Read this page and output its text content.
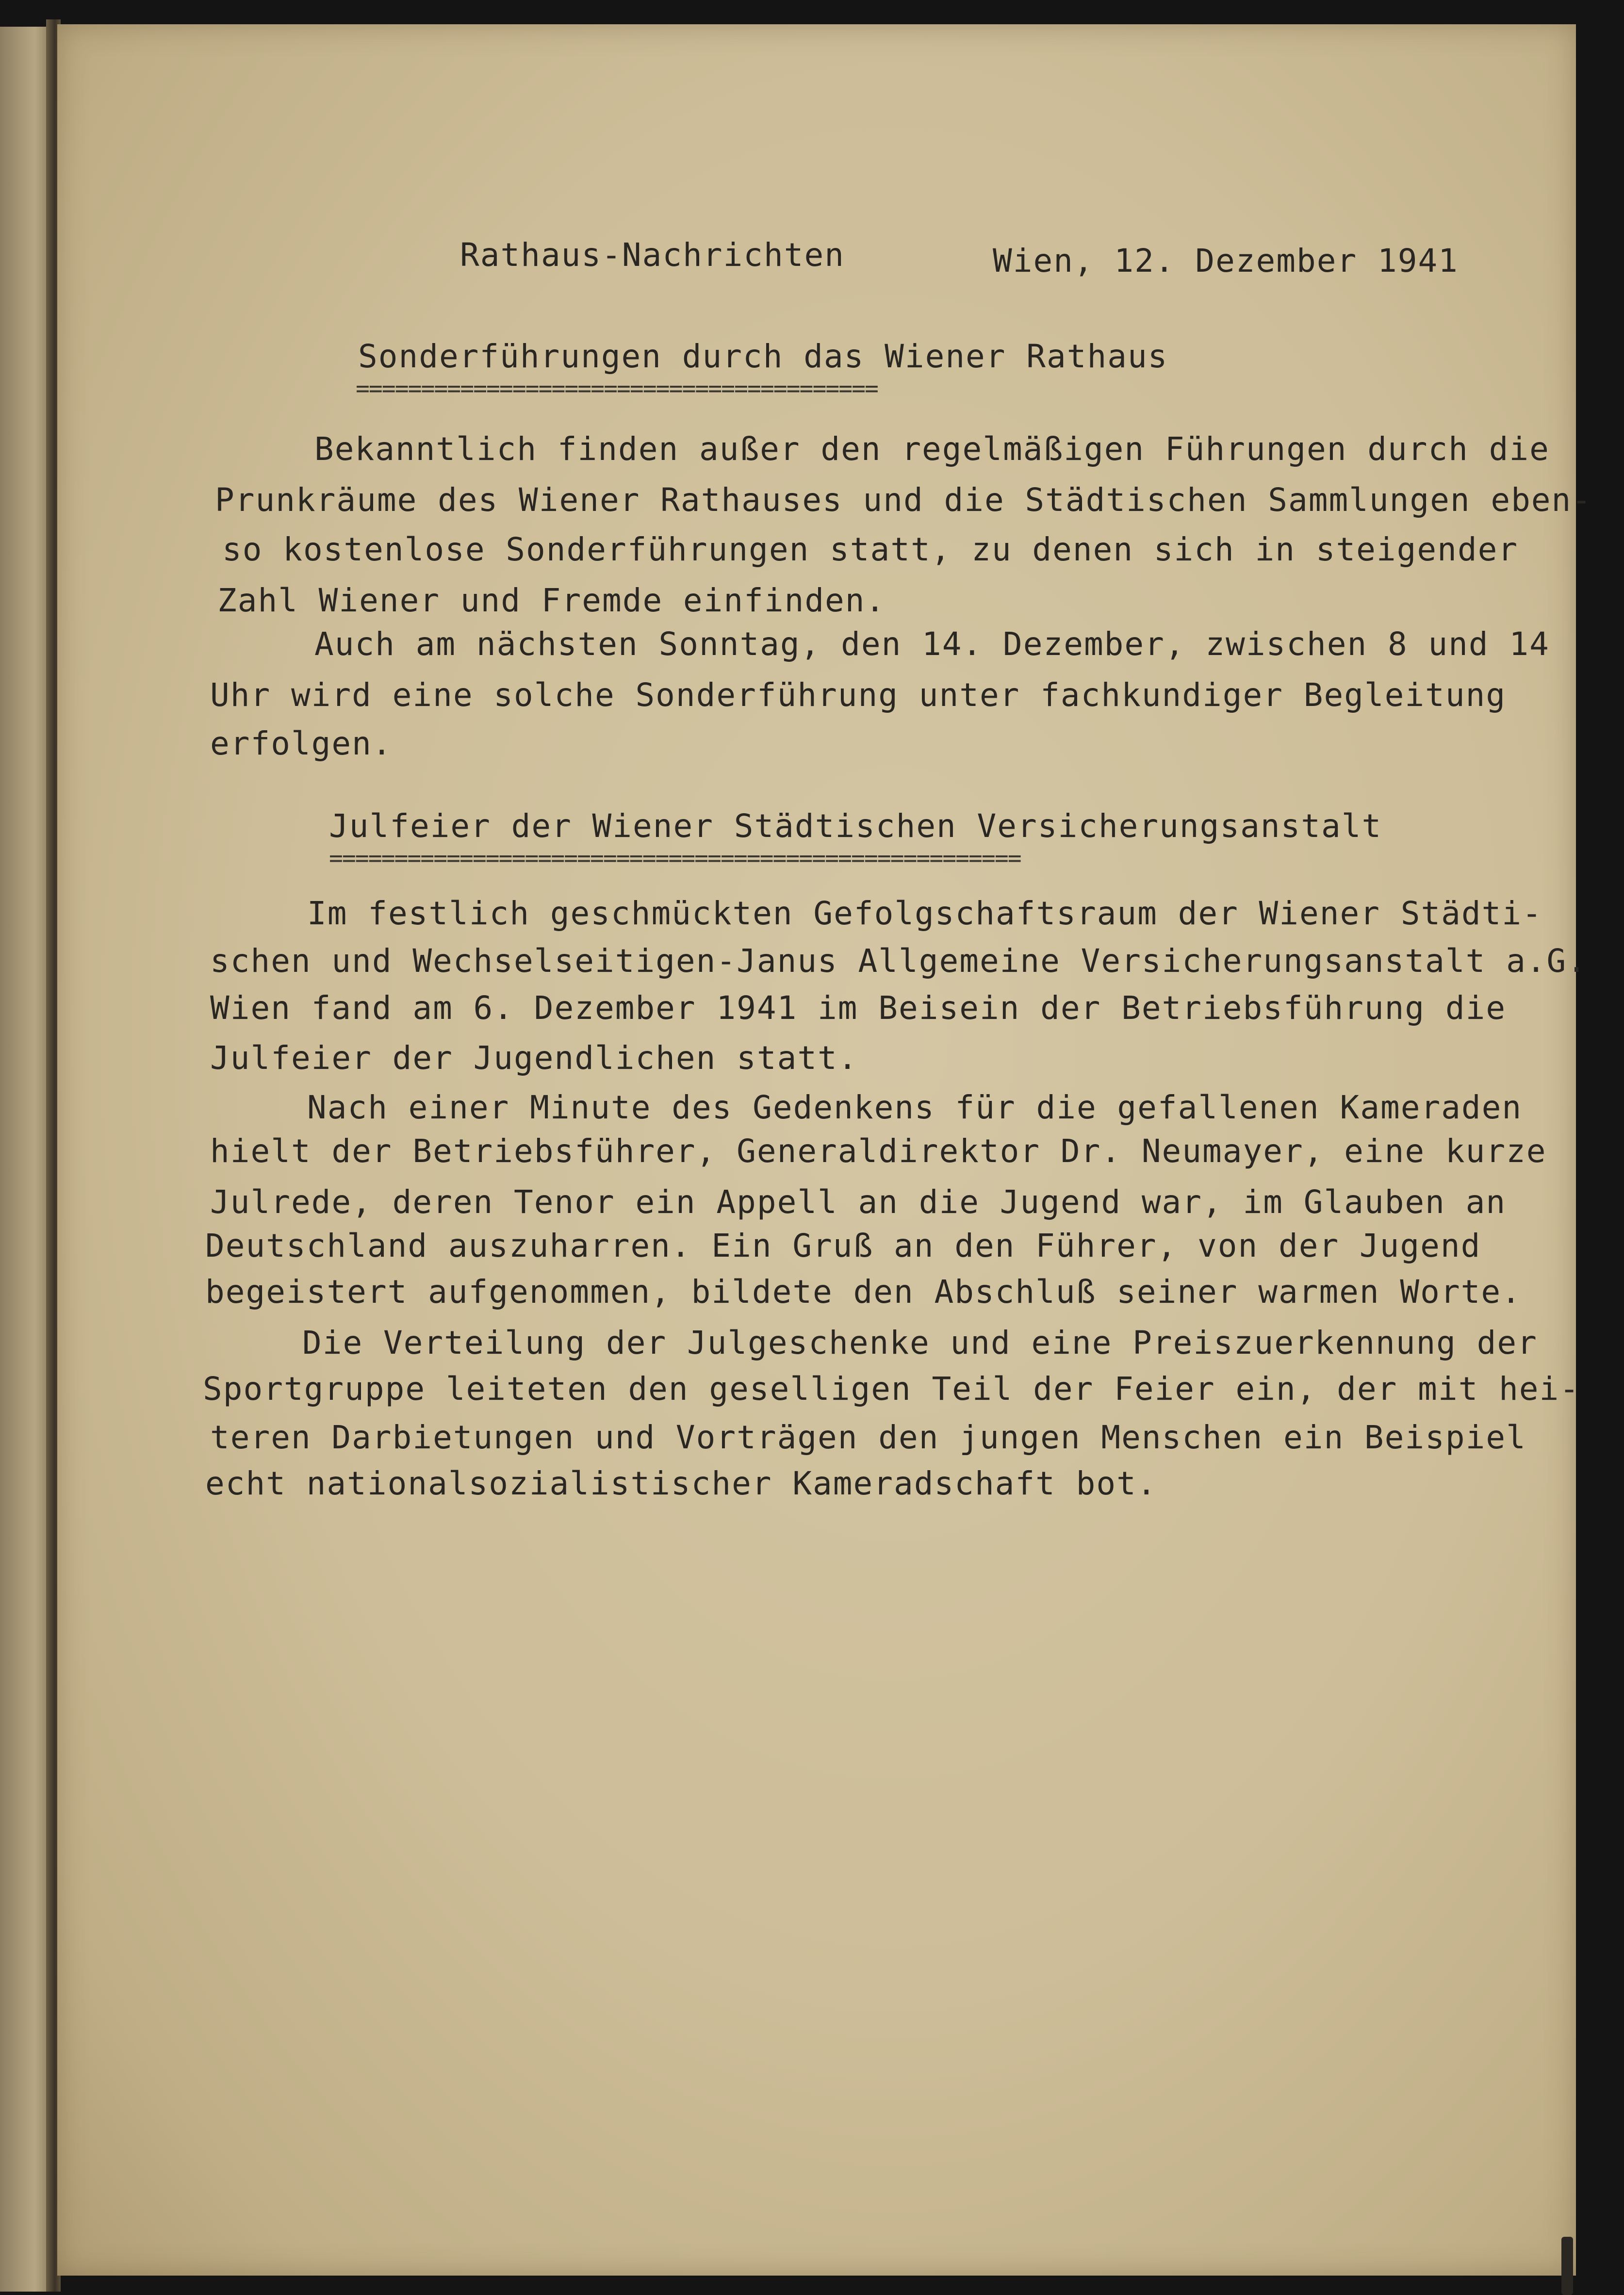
Rathaus-Nachrichten	Wien, 12. Dezember 1941

Sonderführungen durch das Wiener Rathaus

========================================

Bekanntlich finden außer den regelmäßigen Führungen durch die

Prunkräume des Wiener Rathauses und die Städtischen Sammlungen eben-

so kostenlose Sonderführungen statt, zu denen sich in steigender

Zahl Wiener und Fremde einfinden.

Auch am nächsten Sonntag, den 14. Dezember, zwischen 8 und 14

Uhr wird eine solche Sonderführung unter fachkundiger Begleitung

erfolgen.

Julfeier der Wiener Städtischen Versicherungsanstalt

=====================================================

Im festlich geschmückten Gefolgschaftsraum der Wiener Städti-

schen und Wechselseitigen-Janus Allgemeine Versicherungsanstalt a.G.

Wien fand am 6. Dezember 1941 im Beisein der Betriebsführung die

Julfeier der Jugendlichen statt.

Nach einer Minute des Gedenkens für die gefallenen Kameraden

hielt der Betriebsführer, Generaldirektor Dr. Neumayer, eine kurze

Julrede, deren Tenor ein Appell an die Jugend war, im Glauben an

Deutschland auszuharren. Ein Gruß an den Führer, von der Jugend

begeistert aufgenommen, bildete den Abschluß seiner warmen Worte.

Die Verteilung der Julgeschenke und eine Preiszuerkennung der

Sportgruppe leiteten den geselligen Teil der Feier ein, der mit hei-

teren Darbietungen und Vorträgen den jungen Menschen ein Beispiel

echt nationalsozialistischer Kameradschaft bot.
